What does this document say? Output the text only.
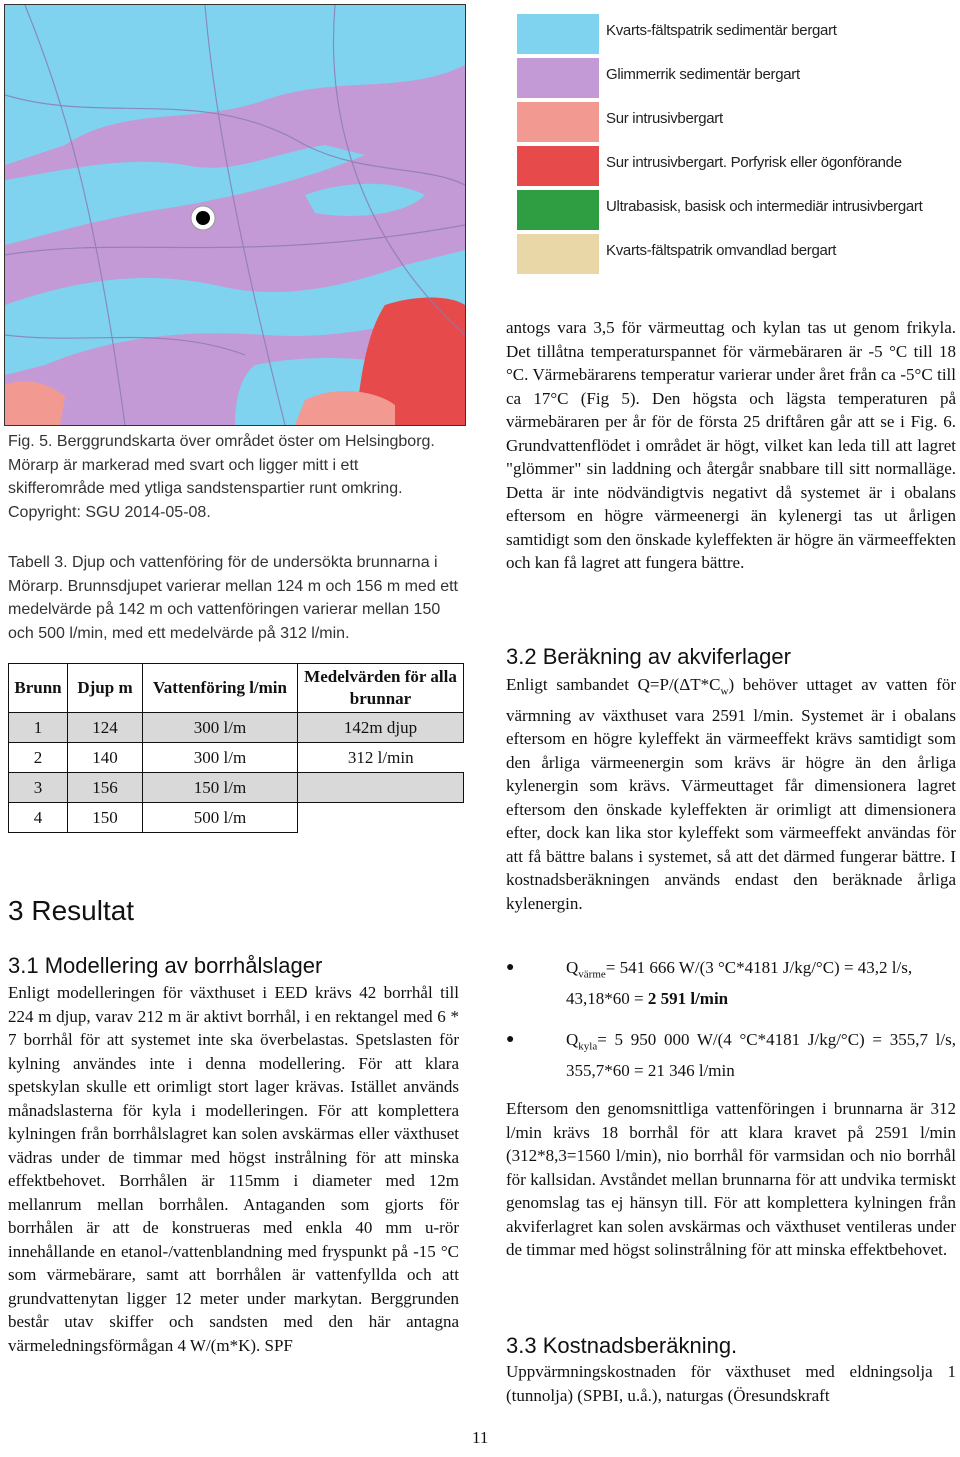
Kvarts-fältspatrik sedimentär bergart
Glimmerrik sedimentär bergart
Sur intrusivbergart
Sur intrusivbergart. Porfyrisk eller ögonförande
Ultrabasisk, basisk och intermediär intrusivbergart
Kvarts-fältspatrik omvandlad bergart
Fig. 5. Berggrundskarta över området öster om Helsingborg. Mörarp är markerad med svart och ligger mitt i ett skifferområde med ytliga sandstenspartier runt omkring. Copyright: SGU 2014-05-08.
Tabell 3. Djup och vattenföring för de undersökta brunnarna i Mörarp. Brunnsdjupet varierar mellan 124 m och 156 m med ett medelvärde på 142 m och vattenföringen varierar mellan 150 och 500 l/min, med ett medelvärde på 312 l/min.
Brunn	Djup m	Vattenföring l/min	Medelvärden för alla brunnar
1	124	300 l/m	142m djup
2	140	300 l/m	312 l/min
3	156	150 l/m	
4	150	500 l/m	
3 Resultat
3.1 Modellering av borrhålslager

Enligt modelleringen för växthuset i EED krävs 42 borrhål till 224 m djup, varav 212 m är aktivt borrhål, i en rektangel med 6 * 7 borrhål för att systemet inte ska överbelastas. Spetslasten för kylning användes inte i denna modellering. För att klara spetskylan skulle ett orimligt stort lager krävas. Istället används månadslasterna för kyla i modelleringen. För att komplettera kylningen från borrhålslagret kan solen avskärmas eller växthuset vädras under de timmar med högst instrålning för att minska effektbehovet. Borrhålen är 115mm i diameter med 12m mellanrum mellan borrhålen. Antaganden som gjorts för borrhålen är att de konstrueras med enkla 40 mm u-rör innehållande en etanol-/vattenblandning med fryspunkt på -15 °C som värmebärare, samt att borrhålen är vattenfyllda och att grundvattenytan ligger 12 meter under markytan. Berggrunden består utav skiffer och sandsten med den här antagna värmeledningsförmågan 4 W/(m*K). SPF

antogs vara 3,5 för värmeuttag och kylan tas ut genom frikyla. Det tillåtna temperaturspannet för värmebäraren är -5 °C till 18 °C. Värmebärarens temperatur varierar under året från ca -5°C till ca 17°C (Fig 5). Den högsta och lägsta temperaturen på värmebäraren per år för de första 25 driftåren går att se i Fig. 6. Grundvattenflödet i området är högt, vilket kan leda till att lagret "glömmer" sin laddning och återgår snabbare till sitt normalläge. Detta är inte nödvändigtvis negativt då systemet är i obalans eftersom en högre värmeenergi än kylenergi tas ut årligen samtidigt som den önskade kyleffekten är högre än värmeeffekten och kan få lagret att fungera bättre.

3.2 Beräkning av akviferlager

Enligt sambandet $Q=P/(\Delta T*C_w)$ behöver uttaget av vatten för värmning av växthuset vara 2591 l/min. Systemet är i obalans eftersom en högre kyleffekt än värmeeffekt krävs samtidigt som den årliga värmeenergin som krävs är högre än den årliga kylenergin som krävs. Värmeuttaget får dimensionera lagret eftersom den önskade kyleffekten är orimligt att dimensionera efter, dock kan lika stor kyleffekt som värmeeffekt användas för att få bättre balans i systemet, så att det därmed fungerar bättre. I kostnadsberäkningen används endast den beräknade årliga kylenergin.

●	$Q_{värme}= 541$ 666 W/(3 °C*4181 J/kg/°C) = 43,2 l/s, 43,18*60 = 2 591 l/min
●	$Q_{kyla}= 5$ 950 000 W/(4 °C*4181 J/kg/°C) = 355,7 l/s, 355,7*60 = 21 346 l/min

Eftersom den genomsnittliga vattenföringen i brunnarna är 312 l/min krävs 18 borrhål för att klara kravet på 2591 l/min (312*8,3=1560 l/min), nio borrhål för varmsidan och nio borrhål för kallsidan. Avståndet mellan brunnarna för att undvika termiskt genomslag tas ej hänsyn till. För att komplettera kylningen från akviferlagret kan solen avskärmas och växthuset ventileras under de timmar med högst solinstrålning för att minska effektbehovet.

3.3 Kostnadsberäkning.

Uppvärmningskostnaden för växthuset med eldningsolja 1 (tunnolja) (SPBI, u.å.), naturgas (Öresundskraft

11
